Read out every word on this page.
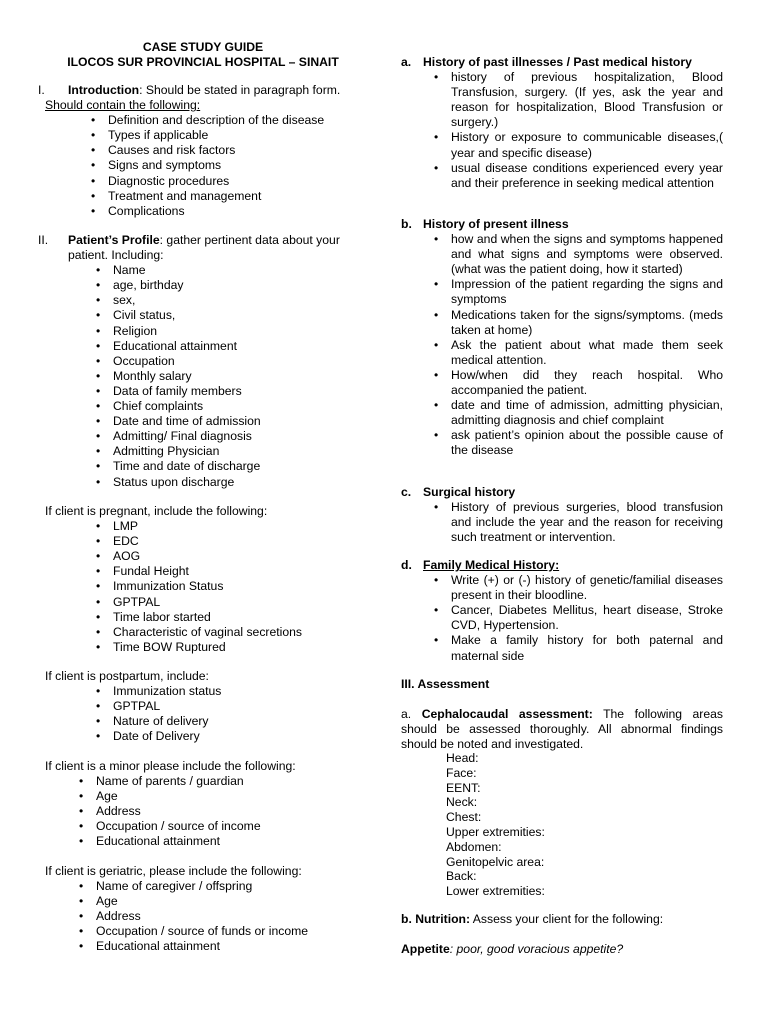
CASE STUDY GUIDE

ILOCOS SUR PROVINCIAL HOSPITAL – SINAIT

I.	Introduction: Should be stated in paragraph form.

Should contain the following:

• Definition and description of the disease
• Types if applicable
• Causes and risk factors
• Signs and symptoms
• Diagnostic procedures
• Treatment and management
• Complications
II.	Patient’s Profile: gather pertinent data about your

patient. Including:

• Name
• age, birthday
• sex,
• Civil status,
• Religion
• Educational attainment
• Occupation
• Monthly salary
• Data of family members
• Chief complaints
• Date and time of admission
• Admitting/ Final diagnosis
• Admitting Physician
• Time and date of discharge
• Status upon discharge

If client is pregnant, include the following:

• LMP
• EDC
• AOG
• Fundal Height
• Immunization Status
• GPTPAL
• Time labor started
• Characteristic of vaginal secretions
• Time BOW Ruptured

If client is postpartum, include:

• Immunization status
• GPTPAL
• Nature of delivery
• Date of Delivery

If client is a minor please include the following:

• Name of parents / guardian
• Age
• Address
• Occupation / source of income
• Educational attainment

If client is geriatric, please include the following:

• Name of caregiver / offspring
• Age
• Address
• Occupation / source of funds or income
• Educational attainment
a. History of past illnesses / Past medical history
• history of previous hospitalization, Blood Transfusion, surgery. (If yes, ask the year and reason for hospitalization, Blood Transfusion or surgery.)
• History or exposure to communicable diseases,( year and specific disease)
• usual disease conditions experienced every year and their preference in seeking medical attention
b. History of present illness
• how and when the signs and symptoms happened and what signs and symptoms were observed. (what was the patient doing, how it started)
• Impression of the patient regarding the signs and symptoms
• Medications taken for the signs/symptoms. (meds taken at home)
• Ask the patient about what made them seek medical attention.
• How/when did they reach hospital. Who accompanied the patient.
• date and time of admission, admitting physician, admitting diagnosis and chief complaint
• ask patient’s opinion about the possible cause of the disease
c. Surgical history
• History of previous surgeries, blood transfusion and include the year and the reason for receiving such treatment or intervention.
d. Family Medical History:
• Write (+) or (-) history of genetic/familial diseases present in their bloodline.
• Cancer, Diabetes Mellitus, heart disease, Stroke CVD, Hypertension.
• Make a family history for both paternal and maternal side

III. Assessment

a. Cephalocaudal assessment: The following areas should be assessed thoroughly. All abnormal findings should be noted and investigated.
Head:
Face:
EENT:
Neck:
Chest:
Upper extremities:
Abdomen:
Genitopelvic area:
Back:
Lower extremities:

b. Nutrition: Assess your client for the following:

Appetite: poor, good voracious appetite?
